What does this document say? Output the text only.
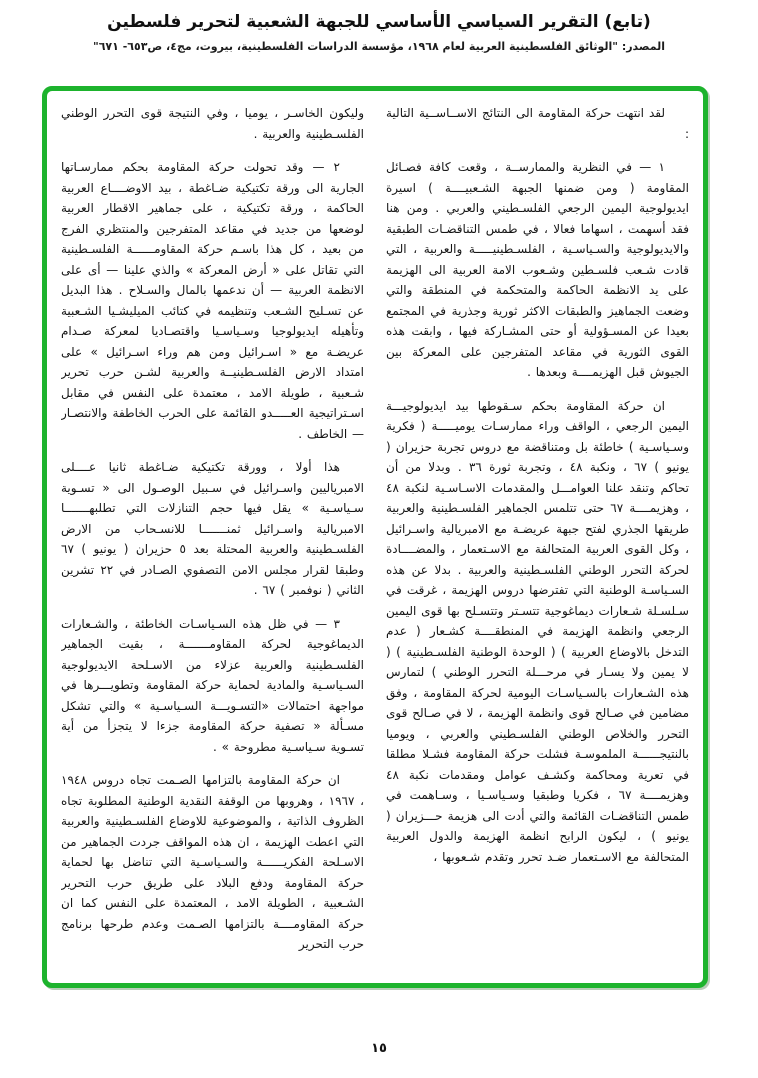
(تابع) التقرير السياسي الأساسي للجبهة الشعبية لتحرير فلسطين
المصدر: "الوثائق الفلسطينية العربية لعام ١٩٦٨، مؤسسة الدراسات الفلسطينية، بيروت، مج٤، ص٦٥٣- ٦٧١"

لقد انتهت حركة المقاومة الى النتائج الاســاســية التالية :

١ — في النظرية والممارســة ، وقعت كافة فصـائل المقاومة ( ومن ضمنها الجبهة الشـعبيــــة ) اسيرة ايديولوجية اليمين الرجعي الفلسـطيني والعربي . ومن هنا فقد أسهمت ، اسهاما فعالا ، في طمس التناقضـات الطبقية والايديولوجية والسـياسـية ، الفلسـطينيـــــة والعربية ، التي قادت شـعب فلسـطين وشـعوب الامة العربية الى الهزيمة على يد الانظمة الحاكمة والمتحكمة في المنطقة والتي وضعت الجماهيز والطبقات الاكثر ثورية وجذرية في المجتمع بعيدا عن المسـؤولية أو حتى المشـاركة فيها ، وابقت هذه القوى الثورية في مقاعد المتفرجين على المعركة بين الجيوش قبل الهزيمــــة وبعدها .

ان حركة المقاومة بحكم سـقوطها بيد ايديولوجيـــة اليمين الرجعي ، الواقف وراء ممارسـات يوميـــــة ( فكرية وسـياسـية ) خاطئة بل ومتناقضة مع دروس تجربة حزيران ( يونيو ) ٦٧ ، ونكبة ٤٨ ، وتجربة ثورة ٣٦ . وبدلا من أن تحاكم وتنقد علنا العوامـــل والمقدمات الاسـاسـية لنكبة ٤٨ ، وهزيمــــة ٦٧ حتى تتلمس الجماهير الفلسـطينية والعربية طريقها الجذري لفتح جبهة عريضـة مع الامبريالية واسـرائيل ، وكل القوى العربية المتحالفة مع الاسـتعمار ، والمضــــادة لحركة التحرر الوطني الفلسـطينية والعربية . بدلا عن هذه السـياسـة الوطنية التي تفترضها دروس الهزيمة ، غرقت في سـلسـلة شـعارات ديماغوجية تتسـتر وتتسـلح بها قوى اليمين الرجعي وانظمة الهزيمة في المنطقــــة كشـعار ( عدم التدخل بالاوضاع العربية ) ( الوحدة الوطنية الفلسـطينية ) ( لا يمين ولا يسـار في مرحـــلة التحرر الوطني ) لتمارس هذه الشـعارات بالسـياسـات اليومية لحركة المقاومة ، وفق مضامين في صـالح قوى وانظمة الهزيمة ، لا في صـالح قوى التحرر والخلاص الوطني الفلسـطيني والعربي ، ويوميا بالنتيجــــــة الملموسـة فشلت حركة المقاومة فشـلا مطلقا في تعرية ومحاكمة وكشـف عوامل ومقدمات نكبة ٤٨ وهزيمــــة ٦٧ ، فكريا وطبقيا وسـياسـيا ، وسـاهمت في طمس التناقضـات القائمة والتي أدت الى هزيمة حـــزيران ( يونيو ) ، ليكون الرابح انظمة الهزيمة والدول العربية المتحالفة مع الاسـتعمار ضـد تحرر وتقدم شـعوبها ،

وليكون الخاسـر ، يوميا ، وفي النتيجة قوى التحرر الوطني الفلسـطينية والعربية .

٢ — وقد تحولت حركة المقاومة بحكم ممارسـاتها الجارية الى ورقة تكتيكية ضـاغطة ، بيد الاوضــــاع العربية الحاكمة ، ورقة تكتيكية ، على جماهير الاقطار العربية لوضعها من جديد في مقاعد المتفرجين والمنتظري الفرج من بعيد ، كل هذا باسـم حركة المقاومــــــة الفلسـطينية التي تقاتل على « أرض المعركة » والذي علينا — أى على الانظمة العربية — أن ندعمها بالمال والسـلاح . هذا البديل عن تسـليح الشـعب وتنظيمه في كتائب الميليشـيا الشـعبية وتأهيله ايديولوجيا وسـياسـيا واقتصـاديا لمعركة صـدام عريضـة مع « اسـرائيل ومن هم وراء اسـرائيل » على امتداد الارض الفلسـطينيــة والعربية لشـن حرب تحرير شـعبية ، طويلة الامد ، معتمدة على النفس في مقابل اسـتراتيجية العـــــدو القائمة على الحرب الخاطفة والانتصـار — الخاطف .

هذا أولا ، وورقة تكتيكية ضـاغطة ثانيا عــــلى الامبرياليين واسـرائيل في سـبيل الوصـول الى « تسـوية سـياسـية » يقل فيها حجم التنازلات التي تطلبهـــــــا الامبريالية واسـرائيل ثمنـــــــا للانسـحاب من الارض الفلسـطينية والعربية المحتلة بعد ٥ حزيران ( يونيو ) ٦٧ وطبقا لقرار مجلس الامن التصفوي الصـادر في ٢٢ تشرين الثاني ( نوفمبر ) ٦٧ .

٣ — في ظل هذه السـياسـات الخاطئة ، والشـعارات الديماغوجية لحركة المقاومـــــــة ، بقيت الجماهير الفلسـطينية والعربية عزلاء من الاسـلحة الايديولوجية السـياسـية والمادية لحماية حركة المقاومة وتطويـــرها في مواجهة احتمالات «التسـويـــة السـياسـية » والتي تشكل مسـألة « تصفية حركة المقاومة جزءا لا يتجزأ من أية تسـوية سـياسـية مطروحة » .

ان حركة المقاومة بالتزامها الصـمت تجاه دروس ١٩٤٨ ، ١٩٦٧ ، وهروبها من الوقفة النقدية الوطنية المطلوبة تجاه الظروف الذاتية ، والموضوعية للاوضاع الفلسـطينية والعربية التي اعطت الهزيمة ، ان هذه المواقف جردت الجماهير من الاسـلحة الفكريــــــة والسـياسـية التي تناضل بها لحماية حركة المقاومة ودفع البلاد على طريق حرب التحرير الشـعبية ، الطويلة الامد ، المعتمدة على النفس كما ان حركة المقاومــــة بالتزامها الصـمت وعدم طرحها برنامج حرب التحرير

١٥
